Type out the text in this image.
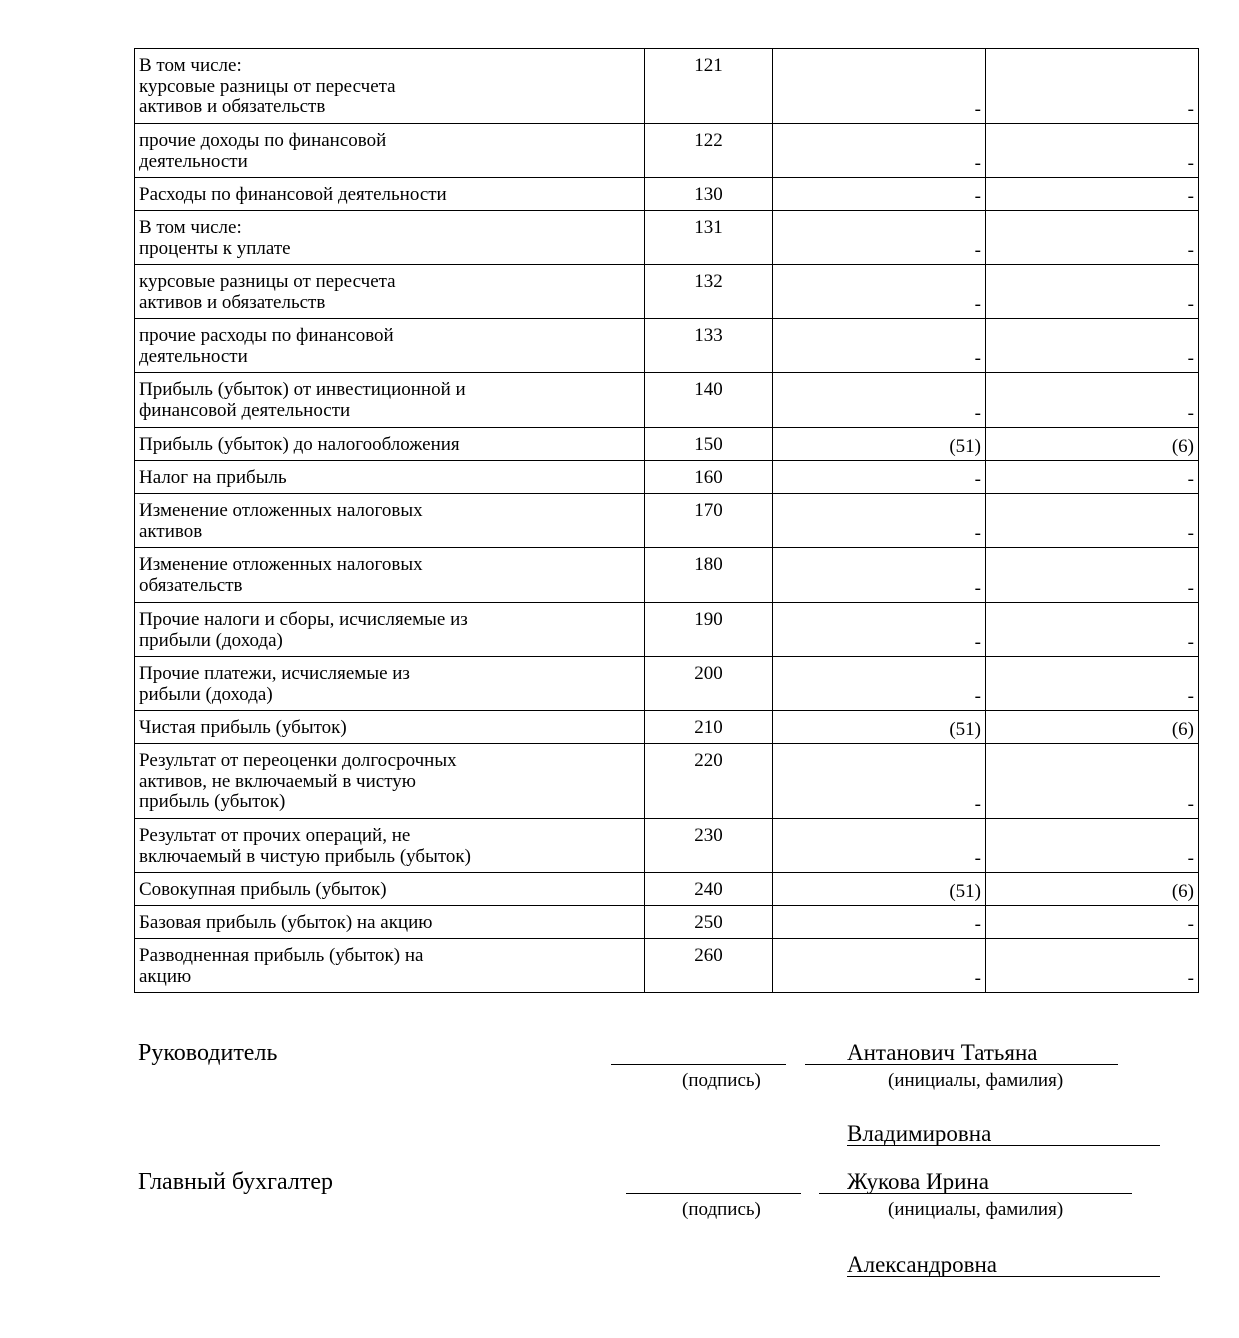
В том числе:
курсовые разницы от пересчета
активов и обязательств	121	-	-

прочие доходы по финансовой
деятельности	122	-	-

Расходы по финансовой деятельности	130	-	-

В том числе:
проценты к уплате	131	-	-

курсовые разницы от пересчета
активов и обязательств	132	-	-

прочие расходы по финансовой
деятельности	133	-	-

Прибыль (убыток) от инвестиционной и
финансовой деятельности	140	-	-

Прибыль (убыток) до налогообложения	150	(51)	(6)

Налог на прибыль	160	-	-

Изменение отложенных налоговых
активов	170	-	-

Изменение отложенных налоговых
обязательств	180	-	-

Прочие налоги и сборы, исчисляемые из
прибыли (дохода)	190	-	-

Прочие платежи, исчисляемые из
рибыли (дохода)	200	-	-

Чистая прибыль (убыток)	210	(51)	(6)

Результат от переоценки долгосрочных
активов, не включаемый в чистую
прибыль (убыток)	220	-	-

Результат от прочих операций, не
включаемый в чистую прибыль (убыток)	230	-	-

Совокупная прибыль (убыток)	240	(51)	(6)

Базовая прибыль (убыток) на акцию	250	-	-

Разводненная прибыль (убыток) на
акцию	260	-	-
Руководитель	Антанович Татьяна
(подпись)	(инициалы, фамилия)
Владимировна
Главный бухгалтер	Жукова Ирина
(подпись)	(инициалы, фамилия)
Александровна
